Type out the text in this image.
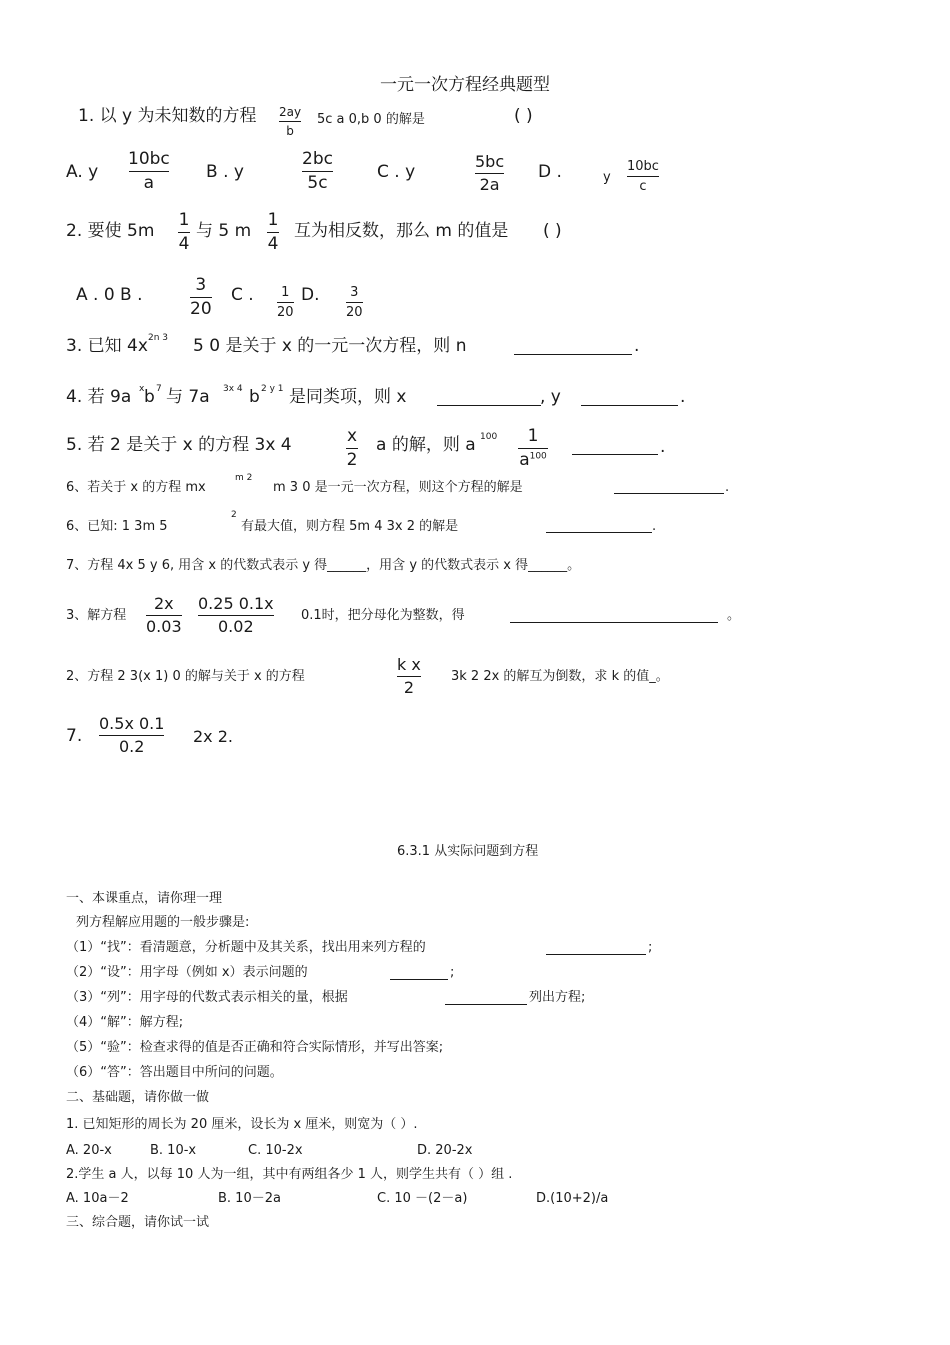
一元一次方程经典题型
1. 以 y 为未知数的方程 2ay
b
5c a 0,b 0 的解是	( )
A. y
10bc
a
B . y
2bc
5c
C . y
5bc
2a
D .	y
10bc
c
2. 要使 5m
1
4
与 5 m
1
4
互为相反数，那么 m 的值是 ( )
A . 0 B .	3
20
C . 1
20
D. 3
20
3. 已知 4x 2n 3 5 0 是关于 x 的一元一次方程，则 n	.
4. 若 9a x b 7 与 7a 3x 4 b 2 y 1 是同类项，则 x	, y	.
5. 若 2 是关于 x 的方程 3x 4	x
2
a 的解，则 a 100 1
$a^{100}$	.
6、若关于 x 的方程 mx
m 2
m 3 0 是一元一次方程，则这个方程的解是	.
6、已知: 1 3m 5
2
有最大值，则方程 5m 4 3x 2 的解是	.
7、方程 4x 5 y 6, 用含 x 的代数式表示 y 得______，用含 y 的代数式表示 x 得______。
3、解方程
2x
0.03
0.25 0.1x
0.02
0.1时，把分母化为整数，得	。
2、方程 2 3(x 1) 0 的解与关于 x 的方程
k x
2
3k 2 2x 的解互为倒数，求 k 的值_。
7.
0.5x 0.1
0.2
2x 2.
6.3.1 从实际问题到方程
一、本课重点，请你理一理
列方程解应用题的一般步骤是:
（1）“找”：看清题意，分析题中及其关系，找出用来列方程的	;
（2）“设”：用字母（例如 x）表示问题的	;
（3）“列”：用字母的代数式表示相关的量，根据	列出方程;
（4）“解”：解方程;
（5）“验”：检查求得的值是否正确和符合实际情形，并写出答案;
（6）“答”：答出题目中所问的问题。
二、基础题，请你做一做
1. 已知矩形的周长为 20 厘米，设长为 x 厘米，则宽为（ ）.
A. 20-x	B. 10-x	C. 10-2x	D. 20-2x
2.学生 a 人，以每 10 人为一组，其中有两组各少 1 人，则学生共有（ ）组 .
A. 10a－2	B. 10－2a	C. 10 －(2－a)	D.(10+2)/a
三、综合题，请你试一试
